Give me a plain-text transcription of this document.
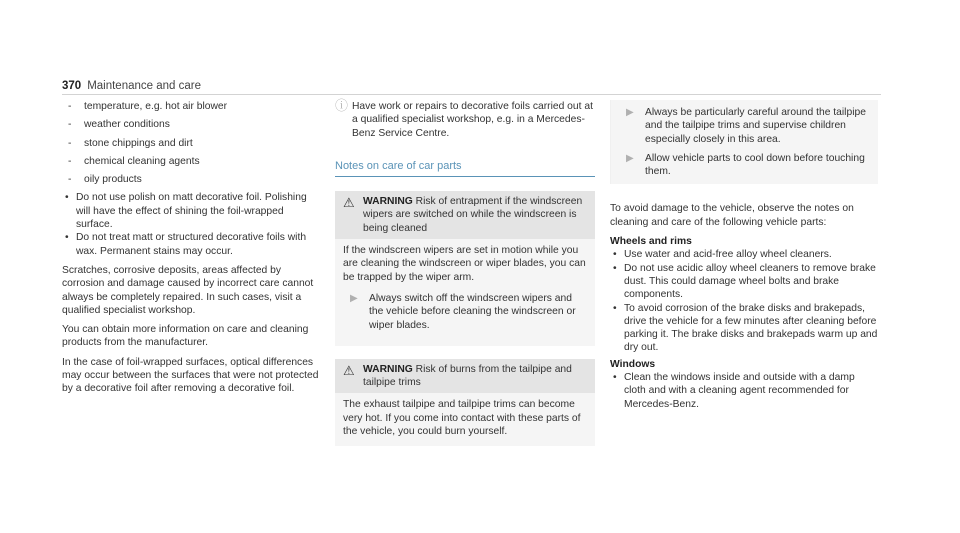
370 Maintenance and care
- temperature, e.g. hot air blower
- weather conditions
- stone chippings and dirt
- chemical cleaning agents
- oily products

• Do not use polish on matt decorative foil. Polishing will have the effect of shining the foil-wrapped surface.

• Do not treat matt or structured decorative foils with wax. Permanent stains may occur.

Scratches, corrosive deposits, areas affected by corrosion and damage caused by incorrect care cannot always be completely repaired. In such cases, visit a qualified specialist workshop.

You can obtain more information on care and cleaning products from the manufacturer.

In the case of foil-wrapped surfaces, optical differences may occur between the surfaces that were not protected by a decorative foil after removing a decorative foil.

ⓘ Have work or repairs to decorative foils carried out at a qualified specialist workshop, e.g. in a Mercedes-Benz Service Centre.

Notes on care of car parts

⚠ WARNING Risk of entrapment if the windscreen wipers are switched on while the windscreen is being cleaned

If the windscreen wipers are set in motion while you are cleaning the windscreen or wiper blades, you can be trapped by the wiper arm.

▶ Always switch off the windscreen wipers and the vehicle before cleaning the windscreen or wiper blades.
⚠ WARNING Risk of burns from the tailpipe and tailpipe trims

The exhaust tailpipe and tailpipe trims can become very hot. If you come into contact with these parts of the vehicle, you could burn yourself.

▶ Always be particularly careful around the tailpipe and the tailpipe trims and supervise children especially closely in this area.
▶ Allow vehicle parts to cool down before touching them.

To avoid damage to the vehicle, observe the notes on cleaning and care of the following vehicle parts:

Wheels and rims

• Use water and acid-free alloy wheel cleaners.

• Do not use acidic alloy wheel cleaners to remove brake dust. This could damage wheel bolts and brake components.

• To avoid corrosion of the brake disks and brakepads, drive the vehicle for a few minutes after cleaning before parking it. The brake disks and brakepads warm up and dry out.

Windows

• Clean the windows inside and outside with a damp cloth and with a cleaning agent recommended for Mercedes-Benz.
